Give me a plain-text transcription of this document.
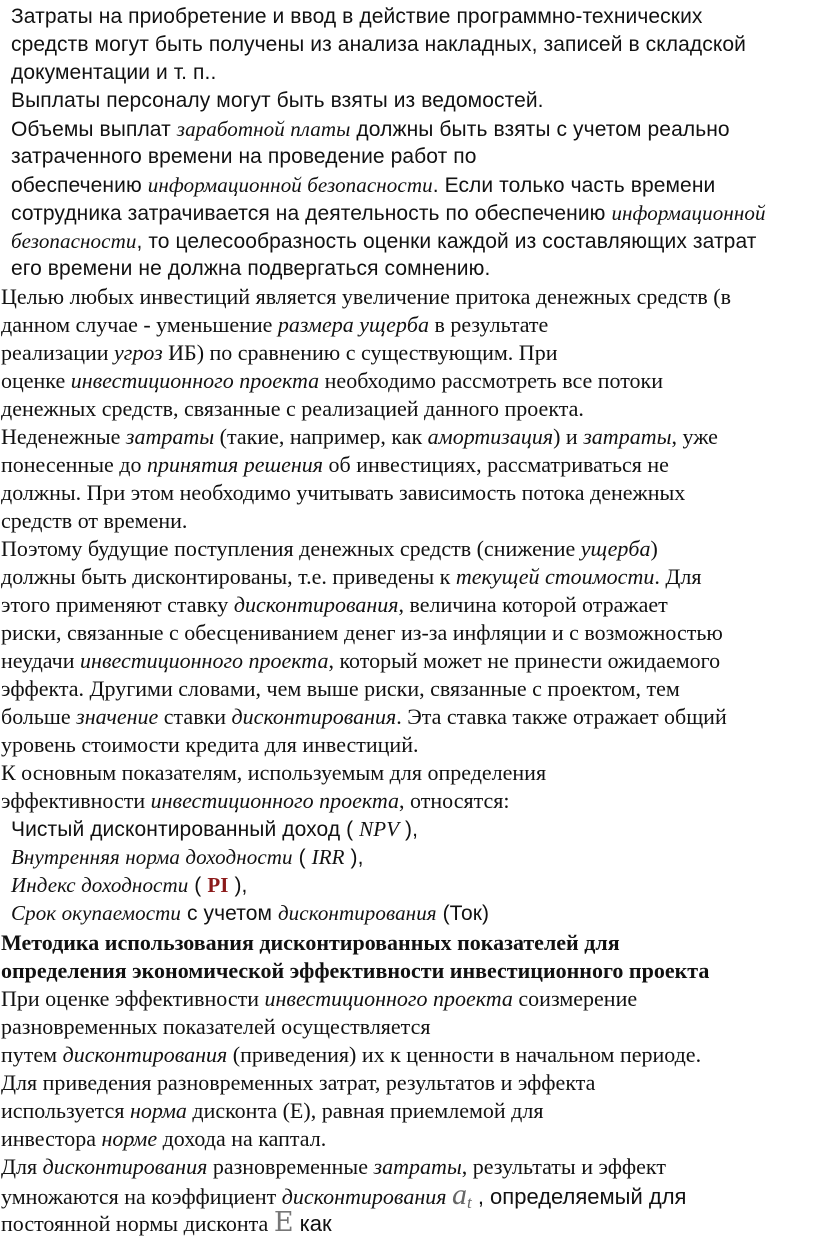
Затраты на приобретение и ввод в действие программно-технических
средств могут быть получены из анализа накладных, записей в складской
документации и т. п..
Выплаты персоналу могут быть взяты из ведомостей.
Объемы выплат заработной платы должны быть взяты с учетом реально
затраченного времени на проведение работ по
обеспечению информационной безопасности. Если только часть времени
сотрудника затрачивается на деятельность по обеспечению информационной
безопасности, то целесообразность оценки каждой из составляющих затрат
его времени не должна подвергаться сомнению.
Целью любых инвестиций является увеличение притока денежных средств (в
данном случае - уменьшение размера ущерба в результате
реализации угроз ИБ) по сравнению с существующим. При
оценке инвестиционного проекта необходимо рассмотреть все потоки
денежных средств, связанные с реализацией данного проекта.
Неденежные затраты (такие, например, как амортизация) и затраты, уже
понесенные до принятия решения об инвестициях, рассматриваться не
должны. При этом необходимо учитывать зависимость потока денежных
средств от времени.
Поэтому будущие поступления денежных средств (снижение ущерба)
должны быть дисконтированы, т.е. приведены к текущей стоимости. Для
этого применяют ставку дисконтирования, величина которой отражает
риски, связанные с обесцениванием денег из-за инфляции и с возможностью
неудачи инвестиционного проекта, который может не принести ожидаемого
эффекта. Другими словами, чем выше риски, связанные с проектом, тем
больше значение ставки дисконтирования. Эта ставка также отражает общий
уровень стоимости кредита для инвестиций.
К основным показателям, используемым для определения
эффективности инвестиционного проекта, относятся:
Чистый дисконтированный доход ( NPV ),
Внутренняя норма доходности ( IRR ),
Индекс доходности ( PI ),
Срок окупаемости с учетом дисконтирования (Ток)
Методика использования дисконтированных показателей для
определения экономической эффективности инвестиционного проекта
При оценке эффективности инвестиционного проекта соизмерение
разновременных показателей осуществляется
путем дисконтирования (приведения) их к ценности в начальном периоде.
Для приведения разновременных затрат, результатов и эффекта
используется норма дисконта (Е), равная приемлемой для
инвестора норме дохода на каптал.
Для дисконтирования разновременные затраты, результаты и эффект
умножаются на коэффициент дисконтирования $a_t$ , определяемый для
постоянной нормы дисконта E как
